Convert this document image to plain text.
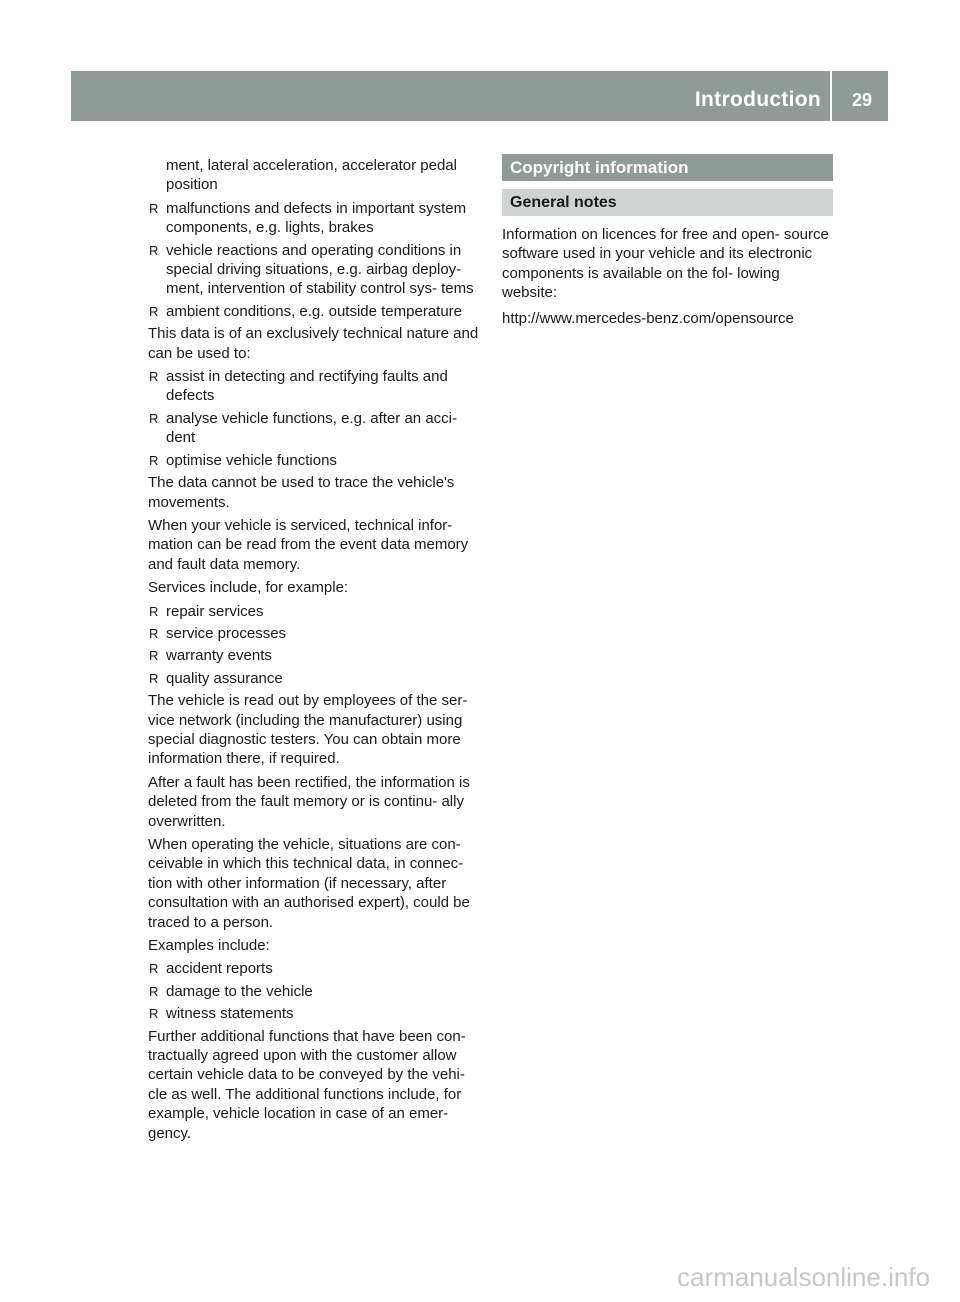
Introduction 29

ment, lateral acceleration, accelerator pedal position

R malfunctions and defects in important system components, e.g. lights, brakes
R vehicle reactions and operating conditions in special driving situations, e.g. airbag deploy- ment, intervention of stability control sys- tems
R ambient conditions, e.g. outside temperature

This data is of an exclusively technical nature and can be used to:

R assist in detecting and rectifying faults and defects
R analyse vehicle functions, e.g. after an acci- dent
R optimise vehicle functions

The data cannot be used to trace the vehicle's movements.

When your vehicle is serviced, technical infor- mation can be read from the event data memory and fault data memory.

Services include, for example:

R repair services
R service processes
R warranty events
R quality assurance

The vehicle is read out by employees of the ser- vice network (including the manufacturer) using special diagnostic testers. You can obtain more information there, if required.

After a fault has been rectified, the information is deleted from the fault memory or is continu- ally overwritten.

When operating the vehicle, situations are con- ceivable in which this technical data, in connec- tion with other information (if necessary, after consultation with an authorised expert), could be traced to a person.

Examples include:

R accident reports
R damage to the vehicle
R witness statements

Further additional functions that have been con- tractually agreed upon with the customer allow certain vehicle data to be conveyed by the vehi- cle as well. The additional functions include, for example, vehicle location in case of an emer- gency.

Copyright information
General notes

Information on licences for free and open- source software used in your vehicle and its electronic components is available on the fol- lowing website:

http://www.mercedes-benz.com/opensource

carmanualsonline.info
